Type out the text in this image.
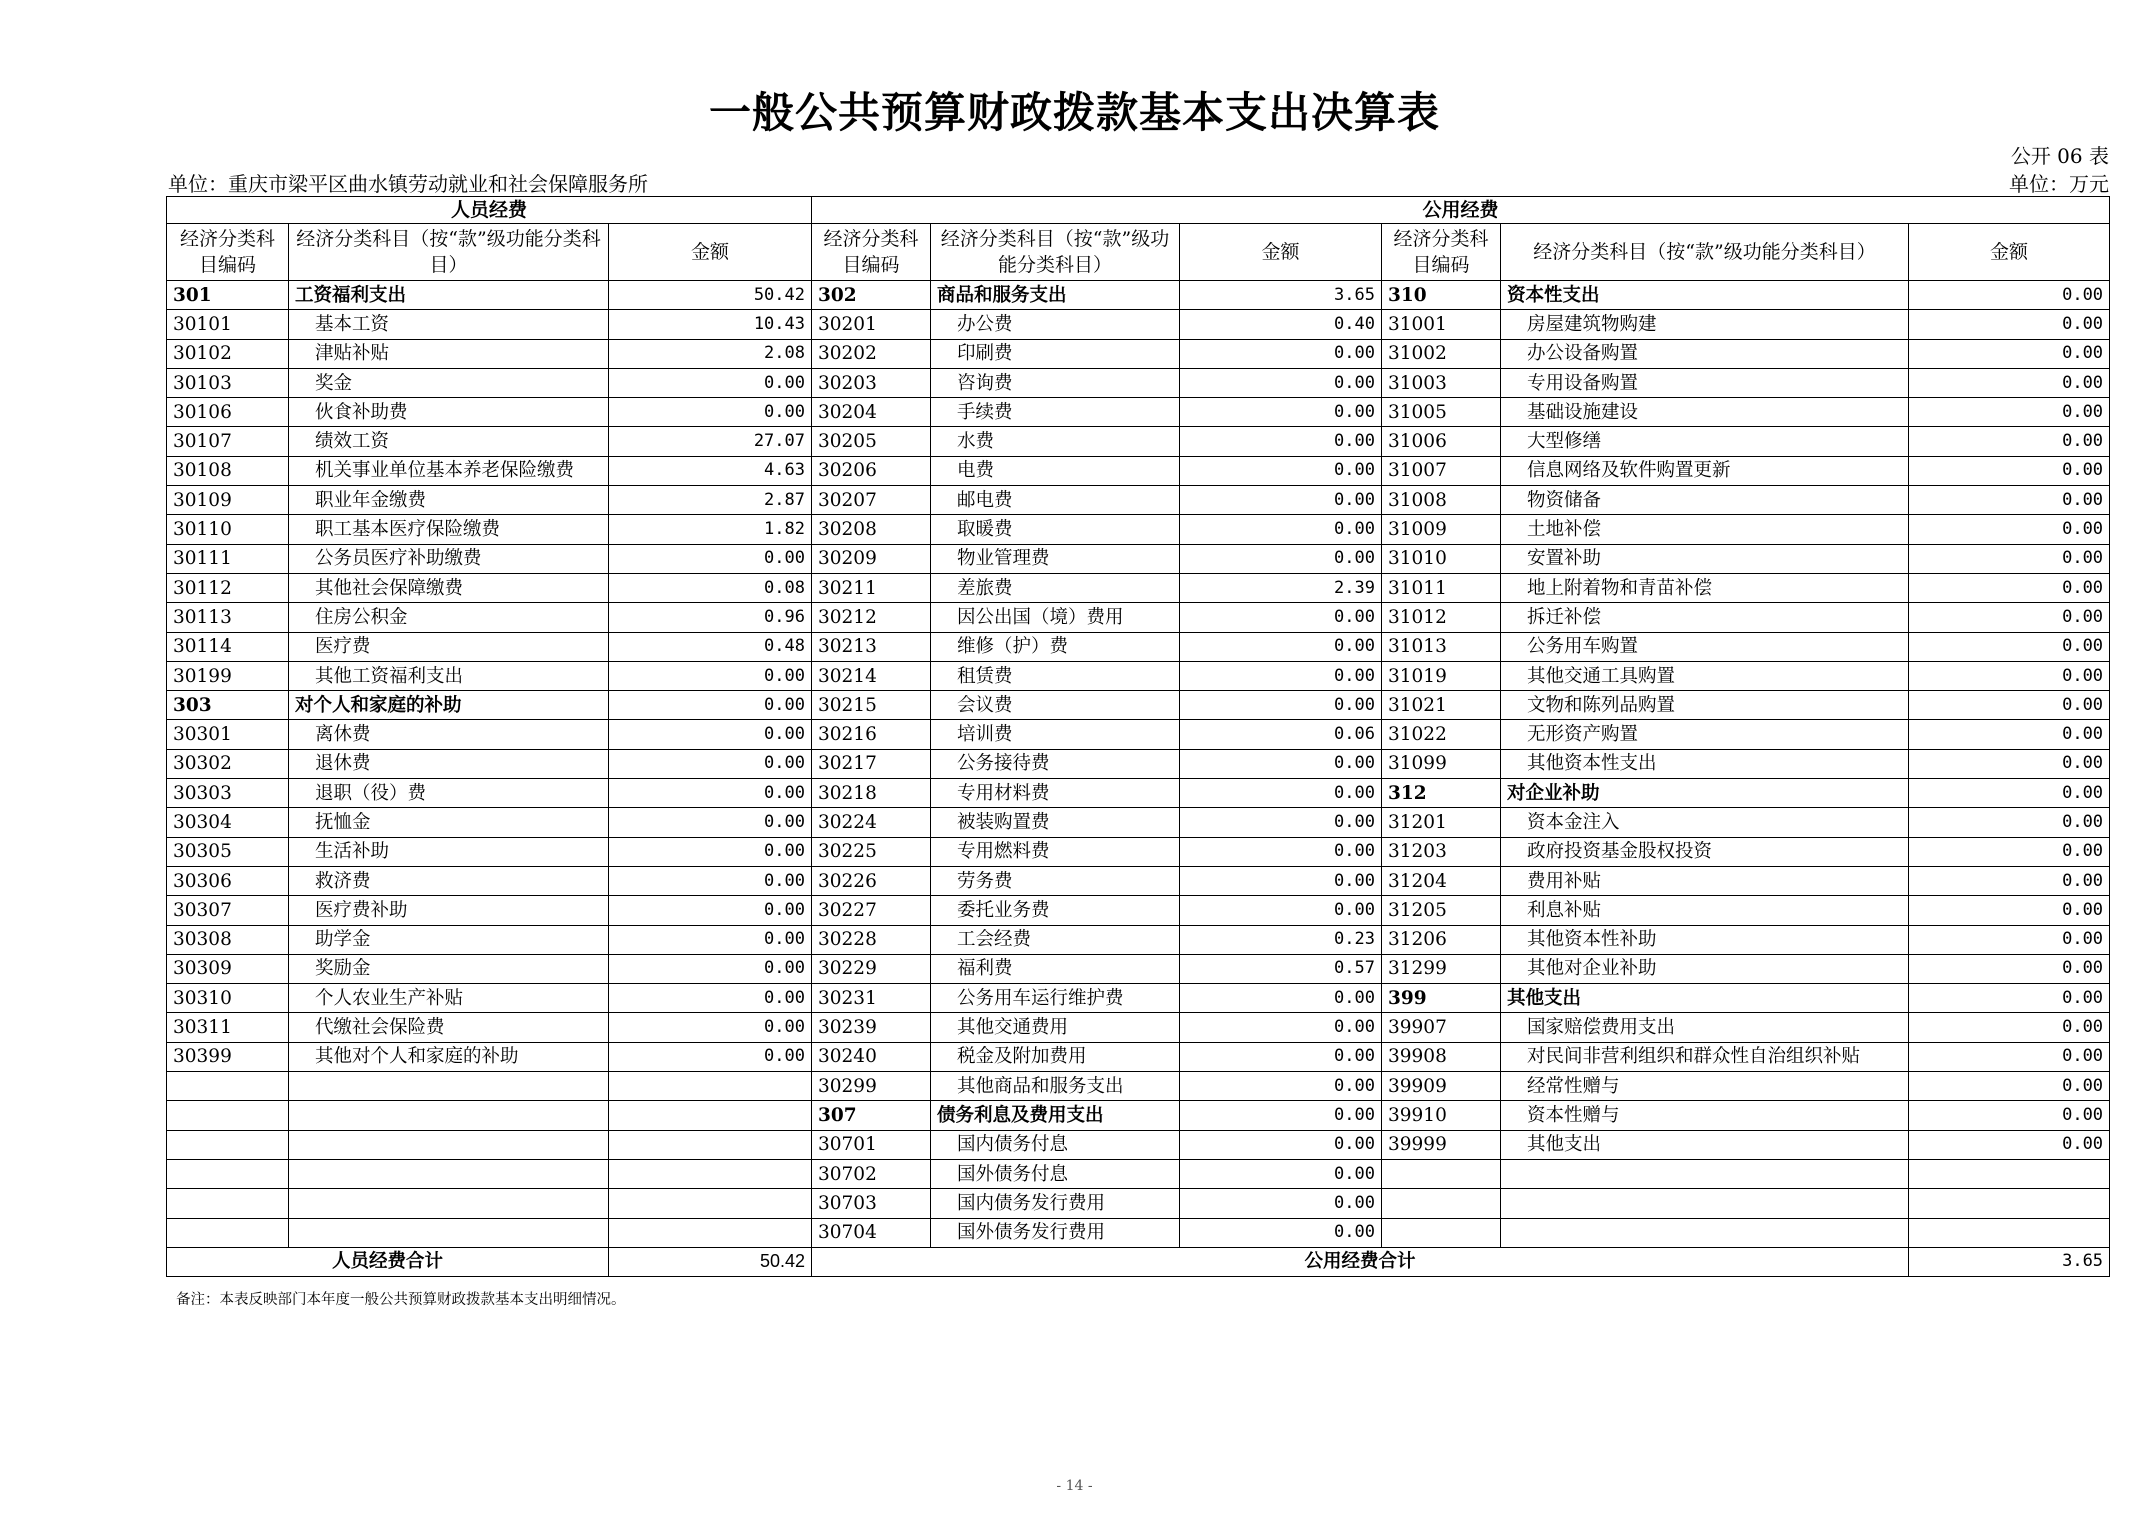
一般公共预算财政拨款基本支出决算表
公开 06 表
单位：重庆市梁平区曲水镇劳动就业和社会保障服务所	单位：万元
人员经费			公用经费					
经济分类科目编码	经济分类科目（按“款”级功能分类科目）	金额	经济分类科目编码	经济分类科目（按“款”级功能分类科目）	金额	经济分类科目编码	经济分类科目（按“款”级功能分类科目）	金额
301	工资福利支出	50.42	302	商品和服务支出	3.65	310	资本性支出	0.00
30101	基本工资	10.43	30201	办公费	0.40	31001	房屋建筑物购建	0.00
30102	津贴补贴	2.08	30202	印刷费	0.00	31002	办公设备购置	0.00
30103	奖金	0.00	30203	咨询费	0.00	31003	专用设备购置	0.00
30106	伙食补助费	0.00	30204	手续费	0.00	31005	基础设施建设	0.00
30107	绩效工资	27.07	30205	水费	0.00	31006	大型修缮	0.00
30108	机关事业单位基本养老保险缴费	4.63	30206	电费	0.00	31007	信息网络及软件购置更新	0.00
30109	职业年金缴费	2.87	30207	邮电费	0.00	31008	物资储备	0.00
30110	职工基本医疗保险缴费	1.82	30208	取暖费	0.00	31009	土地补偿	0.00
30111	公务员医疗补助缴费	0.00	30209	物业管理费	0.00	31010	安置补助	0.00
30112	其他社会保障缴费	0.08	30211	差旅费	2.39	31011	地上附着物和青苗补偿	0.00
30113	住房公积金	0.96	30212	因公出国（境）费用	0.00	31012	拆迁补偿	0.00
30114	医疗费	0.48	30213	维修（护）费	0.00	31013	公务用车购置	0.00
30199	其他工资福利支出	0.00	30214	租赁费	0.00	31019	其他交通工具购置	0.00
303	对个人和家庭的补助	0.00	30215	会议费	0.00	31021	文物和陈列品购置	0.00
30301	离休费	0.00	30216	培训费	0.06	31022	无形资产购置	0.00
30302	退休费	0.00	30217	公务接待费	0.00	31099	其他资本性支出	0.00
30303	退职（役）费	0.00	30218	专用材料费	0.00	312	对企业补助	0.00
30304	抚恤金	0.00	30224	被装购置费	0.00	31201	资本金注入	0.00
30305	生活补助	0.00	30225	专用燃料费	0.00	31203	政府投资基金股权投资	0.00
30306	救济费	0.00	30226	劳务费	0.00	31204	费用补贴	0.00
30307	医疗费补助	0.00	30227	委托业务费	0.00	31205	利息补贴	0.00
30308	助学金	0.00	30228	工会经费	0.23	31206	其他资本性补助	0.00
30309	奖励金	0.00	30229	福利费	0.57	31299	其他对企业补助	0.00
30310	个人农业生产补贴	0.00	30231	公务用车运行维护费	0.00	399	其他支出	0.00
30311	代缴社会保险费	0.00	30239	其他交通费用	0.00	39907	国家赔偿费用支出	0.00
30399	其他对个人和家庭的补助	0.00	30240	税金及附加费用	0.00	39908	对民间非营利组织和群众性自治组织补贴	0.00
			30299	其他商品和服务支出	0.00	39909	经常性赠与	0.00
			307	债务利息及费用支出	0.00	39910	资本性赠与	0.00
			30701	国内债务付息	0.00	39999	其他支出	0.00
			30702	国外债务付息	0.00			
			30703	国内债务发行费用	0.00			
			30704	国外债务发行费用	0.00			
人员经费合计		50.42	公用经费合计					3.65
备注：本表反映部门本年度一般公共预算财政拨款基本支出明细情况。
- 14 -
